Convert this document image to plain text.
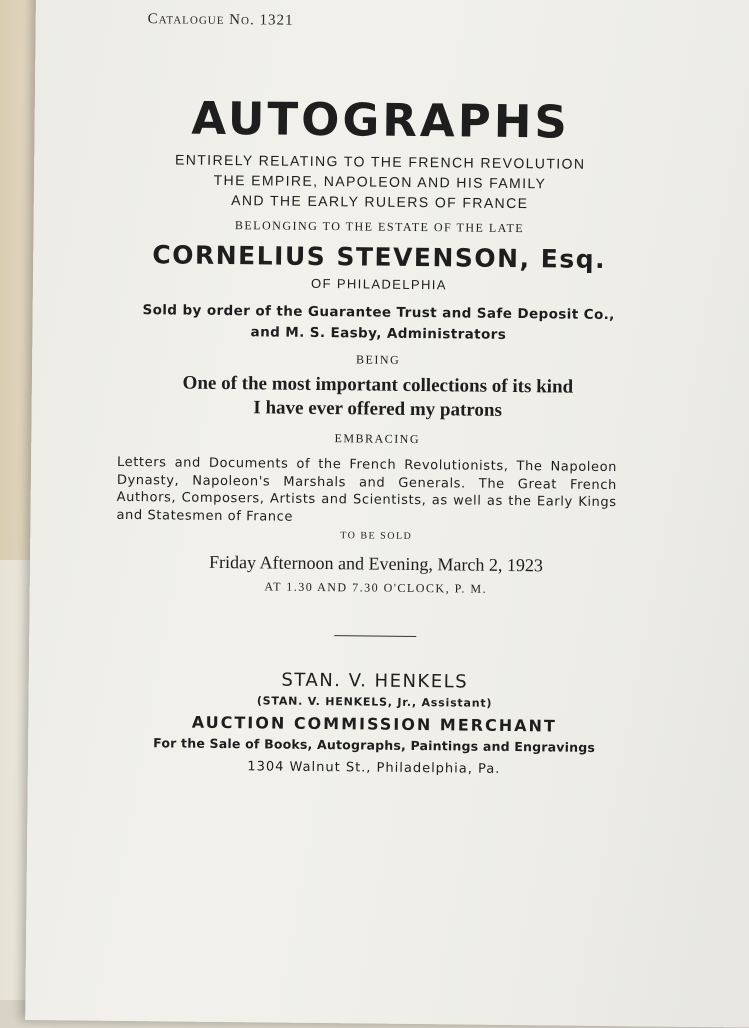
Catalogue No. 1321
AUTOGRAPHS

ENTIRELY RELATING TO THE FRENCH REVOLUTION

THE EMPIRE, NAPOLEON AND HIS FAMILY

AND THE EARLY RULERS OF FRANCE

BELONGING TO THE ESTATE OF THE LATE

CORNELIUS STEVENSON, Esq.

OF PHILADELPHIA

Sold by order of the Guarantee Trust and Safe Deposit Co.,

and M. S. Easby, Administrators

BEING

One of the most important collections of its kind

I have ever offered my patrons

EMBRACING

Letters and Documents of the French Revolutionists, The Napoleon Dynasty, Napoleon's Marshals and Generals. The Great French Authors, Composers, Artists and Scientists, as well as the Early Kings and Statesmen of France

TO BE SOLD

Friday Afternoon and Evening, March 2, 1923

AT 1.30 AND 7.30 O'CLOCK, P. M.

STAN. V. HENKELS

(STAN. V. HENKELS, Jr., Assistant)

AUCTION COMMISSION MERCHANT

For the Sale of Books, Autographs, Paintings and Engravings

1304 Walnut St., Philadelphia, Pa.
